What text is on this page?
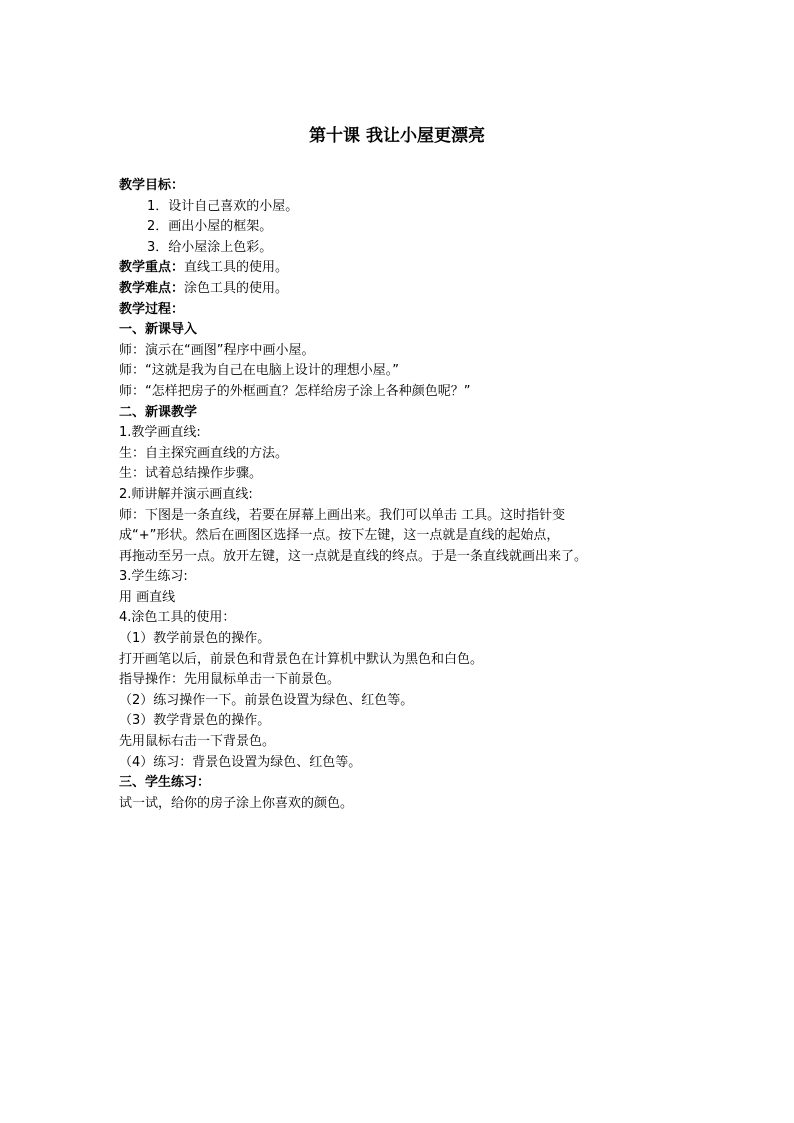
第十课 我让小屋更漂亮
教学目标：
1．设计自己喜欢的小屋。
2．画出小屋的框架。
3．给小屋涂上色彩。
教学重点：直线工具的使用。
教学难点：涂色工具的使用。
教学过程：
一、新课导入
师：演示在“画图”程序中画小屋。
师：“这就是我为自己在电脑上设计的理想小屋。”
师：“怎样把房子的外框画直？怎样给房子涂上各种颜色呢？”
二、新课教学
1.教学画直线:
生：自主探究画直线的方法。
生：试着总结操作步骤。
2.师讲解并演示画直线:
师：下图是一条直线，若要在屏幕上画出来。我们可以单击 工具。这时指针变
成“+”形状。然后在画图区选择一点。按下左键，这一点就是直线的起始点，
再拖动至另一点。放开左键，这一点就是直线的终点。于是一条直线就画出来了。
3.学生练习:
用 画直线
4.涂色工具的使用：
（1）教学前景色的操作。
打开画笔以后，前景色和背景色在计算机中默认为黑色和白色。
指导操作：先用鼠标单击一下前景色。
（2）练习操作一下。前景色设置为绿色、红色等。
（3）教学背景色的操作。
先用鼠标右击一下背景色。
（4）练习：背景色设置为绿色、红色等。
三、学生练习：
试一试，给你的房子涂上你喜欢的颜色。
